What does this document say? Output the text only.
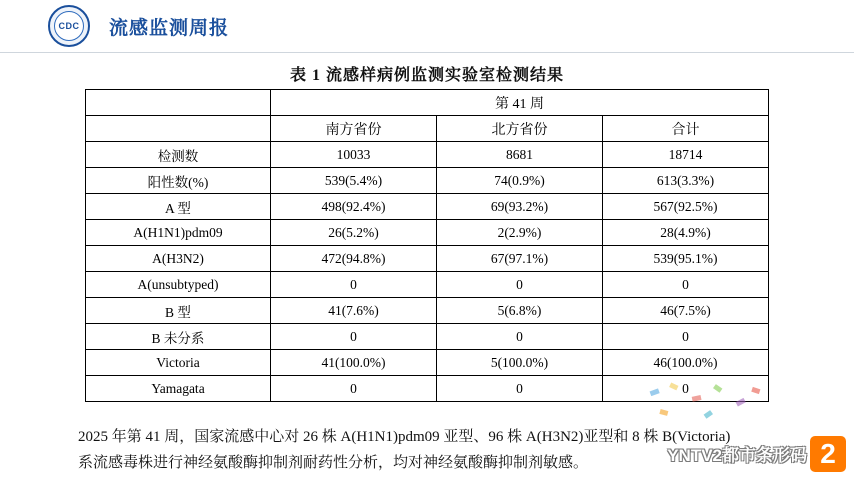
CDC 流感监测周报
表 1 流感样病例监测实验室检测结果
	第 41 周		
	南方省份	北方省份	合计
检测数	10033	8681	18714
阳性数(%)	539(5.4%)	74(0.9%)	613(3.3%)
A 型	498(92.4%)	69(93.2%)	567(92.5%)
A(H1N1)pdm09	26(5.2%)	2(2.9%)	28(4.9%)
A(H3N2)	472(94.8%)	67(97.1%)	539(95.1%)
A(unsubtyped)	0	0	0
B 型	41(7.6%)	5(6.8%)	46(7.5%)
B 未分系	0	0	0
Victoria	41(100.0%)	5(100.0%)	46(100.0%)
Yamagata	0	0	0
2025 年第 41 周，国家流感中心对 26 株 A(H1N1)pdm09 亚型、96 株 A(H3N2)亚型和 8 株 B(Victoria)
系流感毒株进行神经氨酸酶抑制剂耐药性分析，均对神经氨酸酶抑制剂敏感。	YNTV2都市条形码 2
